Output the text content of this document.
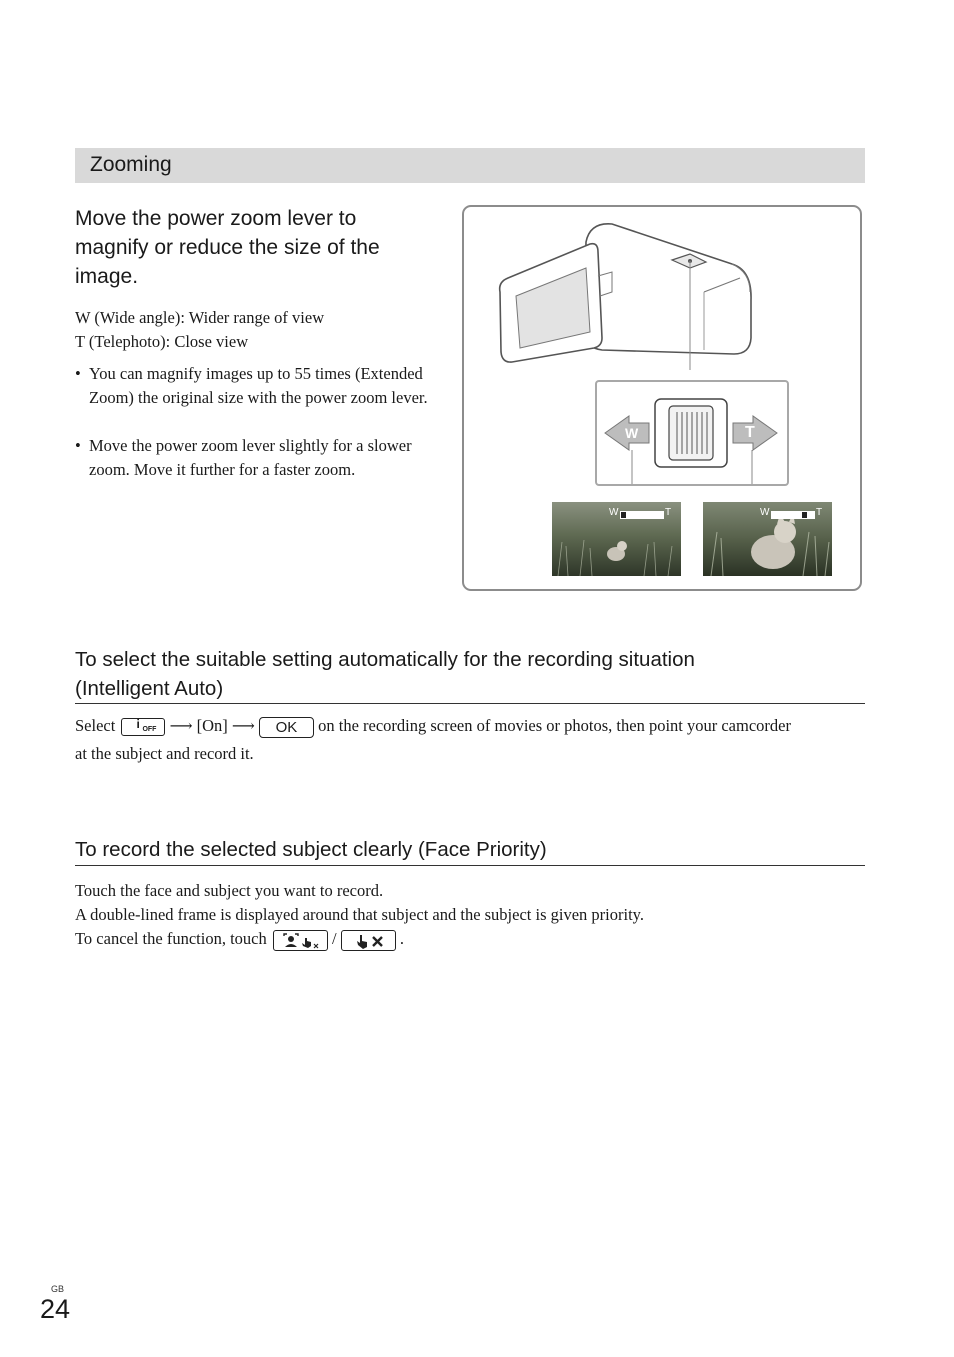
Zooming
Move the power zoom lever to magnify or reduce the size of the image.
W (Wide angle): Wider range of view
T (Telephoto): Close view
• You can magnify images up to 55 times (Extended Zoom) the original size with the power zoom lever.
• Move the power zoom lever slightly for a slower zoom. Move it further for a faster zoom.
W	T
W	T	W	T
To select the suitable setting automatically for the recording situation
(Intelligent Auto)
Select i OFF ⟶ [On] ⟶ OK on the recording screen of movies or photos, then point your camcorder
at the subject and record it.
To record the selected subject clearly (Face Priority)
Touch the face and subject you want to record.
A double-lined frame is displayed around that subject and the subject is given priority.
To cancel the function, touch	/	.
GB
24
